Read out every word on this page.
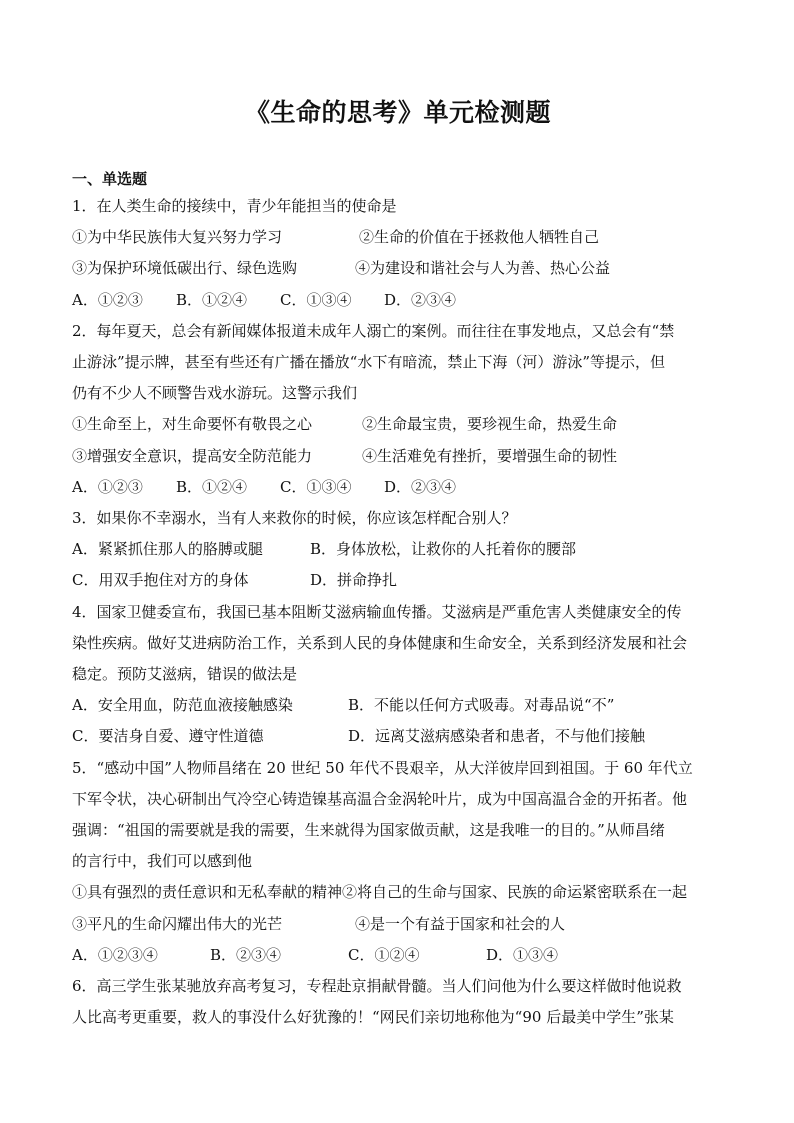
《生命的思考》单元检测题
一、单选题
1．在人类生命的接续中，青少年能担当的使命是
①为中华民族伟大复兴努力学习	②生命的价值在于拯救他人牺牲自己
③为保护环境低碳出行、绿色选购	④为建设和谐社会与人为善、热心公益
A．①②③	B．①②④	C．①③④	D．②③④
2．每年夏天，总会有新闻媒体报道未成年人溺亡的案例。而往往在事发地点，又总会有“禁
止游泳”提示牌，甚至有些还有广播在播放“水下有暗流，禁止下海（河）游泳”等提示，但
仍有不少人不顾警告戏水游玩。这警示我们
①生命至上，对生命要怀有敬畏之心	②生命最宝贵，要珍视生命，热爱生命
③增强安全意识，提高安全防范能力	④生活难免有挫折，要增强生命的韧性
A．①②③	B．①②④	C．①③④	D．②③④
3．如果你不幸溺水，当有人来救你的时候，你应该怎样配合别人？
A．紧紧抓住那人的胳膊或腿	B．身体放松，让救你的人托着你的腰部
C．用双手抱住对方的身体	D．拼命挣扎
4．国家卫健委宣布，我国已基本阻断艾滋病输血传播。艾滋病是严重危害人类健康安全的传
染性疾病。做好艾进病防治工作，关系到人民的身体健康和生命安全，关系到经济发展和社会
稳定。预防艾滋病，错误的做法是
A．安全用血，防范血液接触感染	B．不能以任何方式吸毒。对毒品说“不”
C．要洁身自爱、遵守性道德	D．远离艾滋病感染者和患者，不与他们接触
5．“感动中国”人物师昌绪在 20 世纪 50 年代不畏艰辛，从大洋彼岸回到祖国。于 60 年代立
下军令状，决心研制出气冷空心铸造镍基高温合金涡轮叶片，成为中国高温合金的开拓者。他
强调：“祖国的需要就是我的需要，生来就得为国家做贡献，这是我唯一的目的。”从师昌绪
的言行中，我们可以感到他
①具有强烈的责任意识和无私奉献的精神②将自己的生命与国家、民族的命运紧密联系在一起
③平凡的生命闪耀出伟大的光芒	④是一个有益于国家和社会的人
A．①②③④	B．②③④	C．①②④	D．①③④
6．高三学生张某驰放弃高考复习，专程赴京捐献骨髓。当人们问他为什么要这样做时他说救
人比高考更重要，救人的事没什么好犹豫的！“网民们亲切地称他为“90 后最美中学生”张某
